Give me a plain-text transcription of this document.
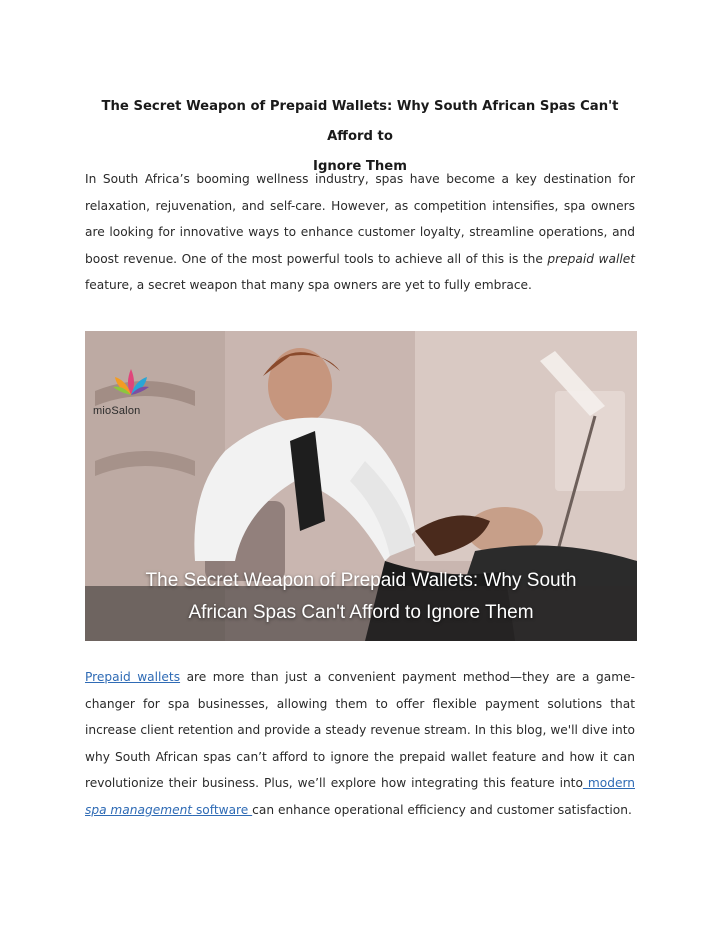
The Secret Weapon of Prepaid Wallets: Why South African Spas Can't Afford to
Ignore Them

In South Africa’s booming wellness industry, spas have become a key destination for relaxation, rejuvenation, and self-care. However, as competition intensifies, spa owners are looking for innovative ways to enhance customer loyalty, streamline operations, and boost revenue. One of the most powerful tools to achieve all of this is the prepaid wallet feature, a secret weapon that many spa owners are yet to fully embrace.

mioSalon
The Secret Weapon of Prepaid Wallets: Why South
African Spas Can't Afford to Ignore Them

Prepaid wallets are more than just a convenient payment method—they are a game-changer for spa businesses, allowing them to offer flexible payment solutions that increase client retention and provide a steady revenue stream. In this blog, we'll dive into why South African spas can’t afford to ignore the prepaid wallet feature and how it can revolutionize their business. Plus, we’ll explore how integrating this feature into modern spa management software can enhance operational efficiency and customer satisfaction.
